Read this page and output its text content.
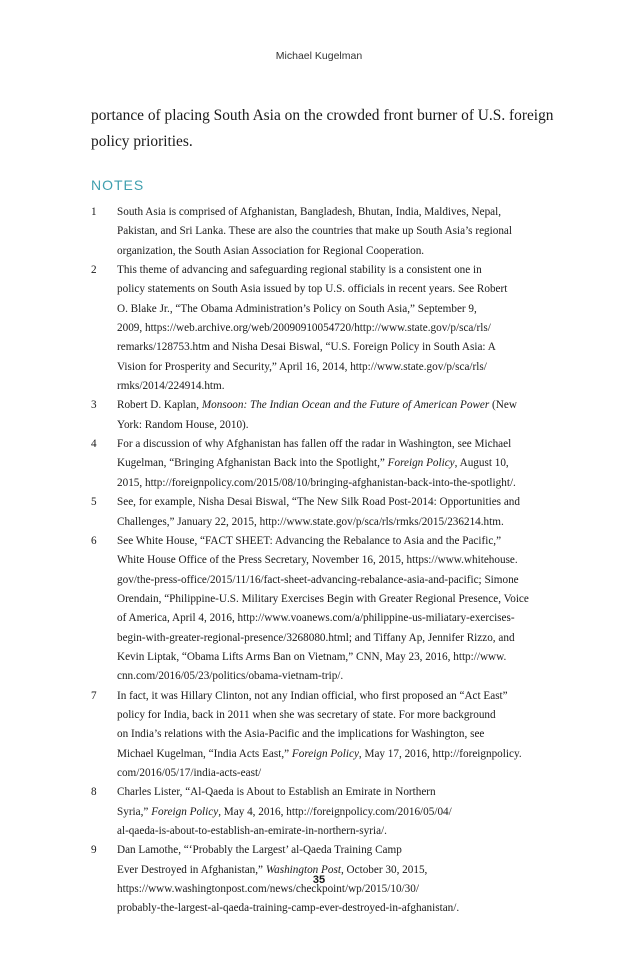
Michael Kugelman
portance of placing South Asia on the crowded front burner of U.S. foreign
policy priorities.
NOTES
1 South Asia is comprised of Afghanistan, Bangladesh, Bhutan, India, Maldives, Nepal,
Pakistan, and Sri Lanka. These are also the countries that make up South Asia’s regional
organization, the South Asian Association for Regional Cooperation.
2 This theme of advancing and safeguarding regional stability is a consistent one in
policy statements on South Asia issued by top U.S. officials in recent years. See Robert
O. Blake Jr., “The Obama Administration’s Policy on South Asia,” September 9,
2009, https://web.archive.org/web/20090910054720/http://www.state.gov/p/sca/rls/
remarks/128753.htm and Nisha Desai Biswal, “U.S. Foreign Policy in South Asia: A
Vision for Prosperity and Security,” April 16, 2014, http://www.state.gov/p/sca/rls/
rmks/2014/224914.htm.
3 Robert D. Kaplan, Monsoon: The Indian Ocean and the Future of American Power (New
York: Random House, 2010).
4 For a discussion of why Afghanistan has fallen off the radar in Washington, see Michael
Kugelman, “Bringing Afghanistan Back into the Spotlight,” Foreign Policy, August 10,
2015, http://foreignpolicy.com/2015/08/10/bringing-afghanistan-back-into-the-spotlight/.
5 See, for example, Nisha Desai Biswal, “The New Silk Road Post-2014: Opportunities and
Challenges,” January 22, 2015, http://www.state.gov/p/sca/rls/rmks/2015/236214.htm.
6 See White House, “FACT SHEET: Advancing the Rebalance to Asia and the Pacific,”
White House Office of the Press Secretary, November 16, 2015, https://www.whitehouse.
gov/the-press-office/2015/11/16/fact-sheet-advancing-rebalance-asia-and-pacific; Simone
Orendain, “Philippine-U.S. Military Exercises Begin with Greater Regional Presence, Voice
of America, April 4, 2016, http://www.voanews.com/a/philippine-us-miliatary-exercises-
begin-with-greater-regional-presence/3268080.html; and Tiffany Ap, Jennifer Rizzo, and
Kevin Liptak, “Obama Lifts Arms Ban on Vietnam,” CNN, May 23, 2016, http://www.
cnn.com/2016/05/23/politics/obama-vietnam-trip/.
7 In fact, it was Hillary Clinton, not any Indian official, who first proposed an “Act East”
policy for India, back in 2011 when she was secretary of state. For more background
on India’s relations with the Asia-Pacific and the implications for Washington, see
Michael Kugelman, “India Acts East,” Foreign Policy, May 17, 2016, http://foreignpolicy.
com/2016/05/17/india-acts-east/
8 Charles Lister, “Al-Qaeda is About to Establish an Emirate in Northern
Syria,” Foreign Policy, May 4, 2016, http://foreignpolicy.com/2016/05/04/
al-qaeda-is-about-to-establish-an-emirate-in-northern-syria/.
9 Dan Lamothe, “‘Probably the Largest’ al-Qaeda Training Camp
Ever Destroyed in Afghanistan,” Washington Post, October 30, 2015,
https://www.washingtonpost.com/news/checkpoint/wp/2015/10/30/
probably-the-largest-al-qaeda-training-camp-ever-destroyed-in-afghanistan/.
35
